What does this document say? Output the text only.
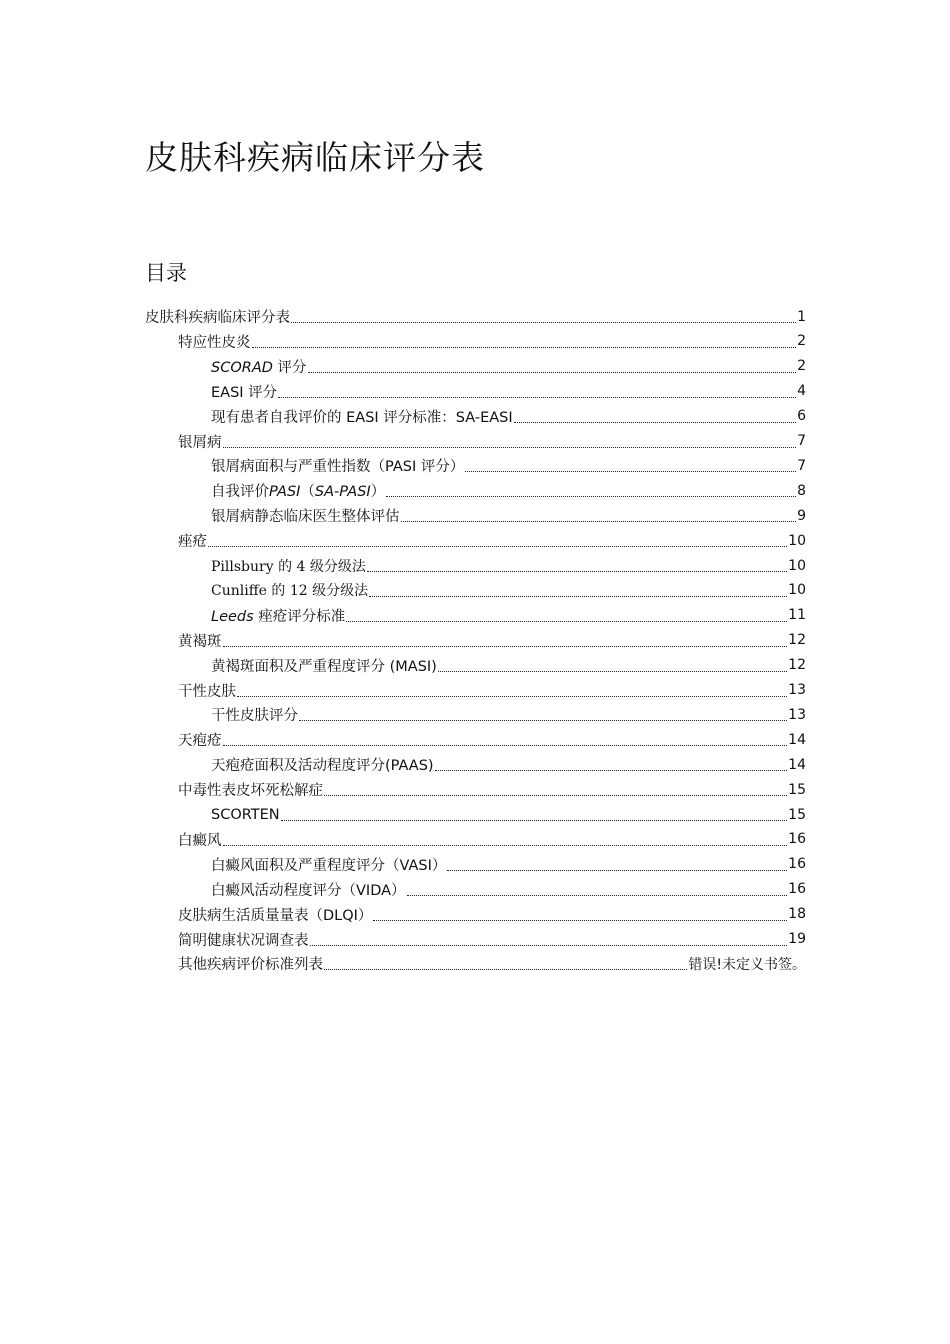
皮肤科疾病临床评分表
目录
皮肤科疾病临床评分表	1
特应性皮炎	2
SCORAD 评分	2
EASI 评分	4
现有患者自我评价的 EASI 评分标准：SA-EASI	6
银屑病	7
银屑病面积与严重性指数（PASI 评分）	7
自我评价PASI（SA-PASI）	8
银屑病静态临床医生整体评估	9
痤疮	10
Pillsbury 的 4 级分级法	10
Cunliffe 的 12 级分级法	10
Leeds 痤疮评分标准	11
黄褐斑	12
黄褐斑面积及严重程度评分 (MASI)	12
干性皮肤	13
干性皮肤评分	13
天疱疮	14
天疱疮面积及活动程度评分(PAAS)	14
中毒性表皮坏死松解症	15
SCORTEN	15
白癜风	16
白癜风面积及严重程度评分（VASI）	16
白癜风活动程度评分（VIDA）	16
皮肤病生活质量量表（DLQI）	18
简明健康状况调查表	19
其他疾病评价标准列表	错误!未定义书签。
